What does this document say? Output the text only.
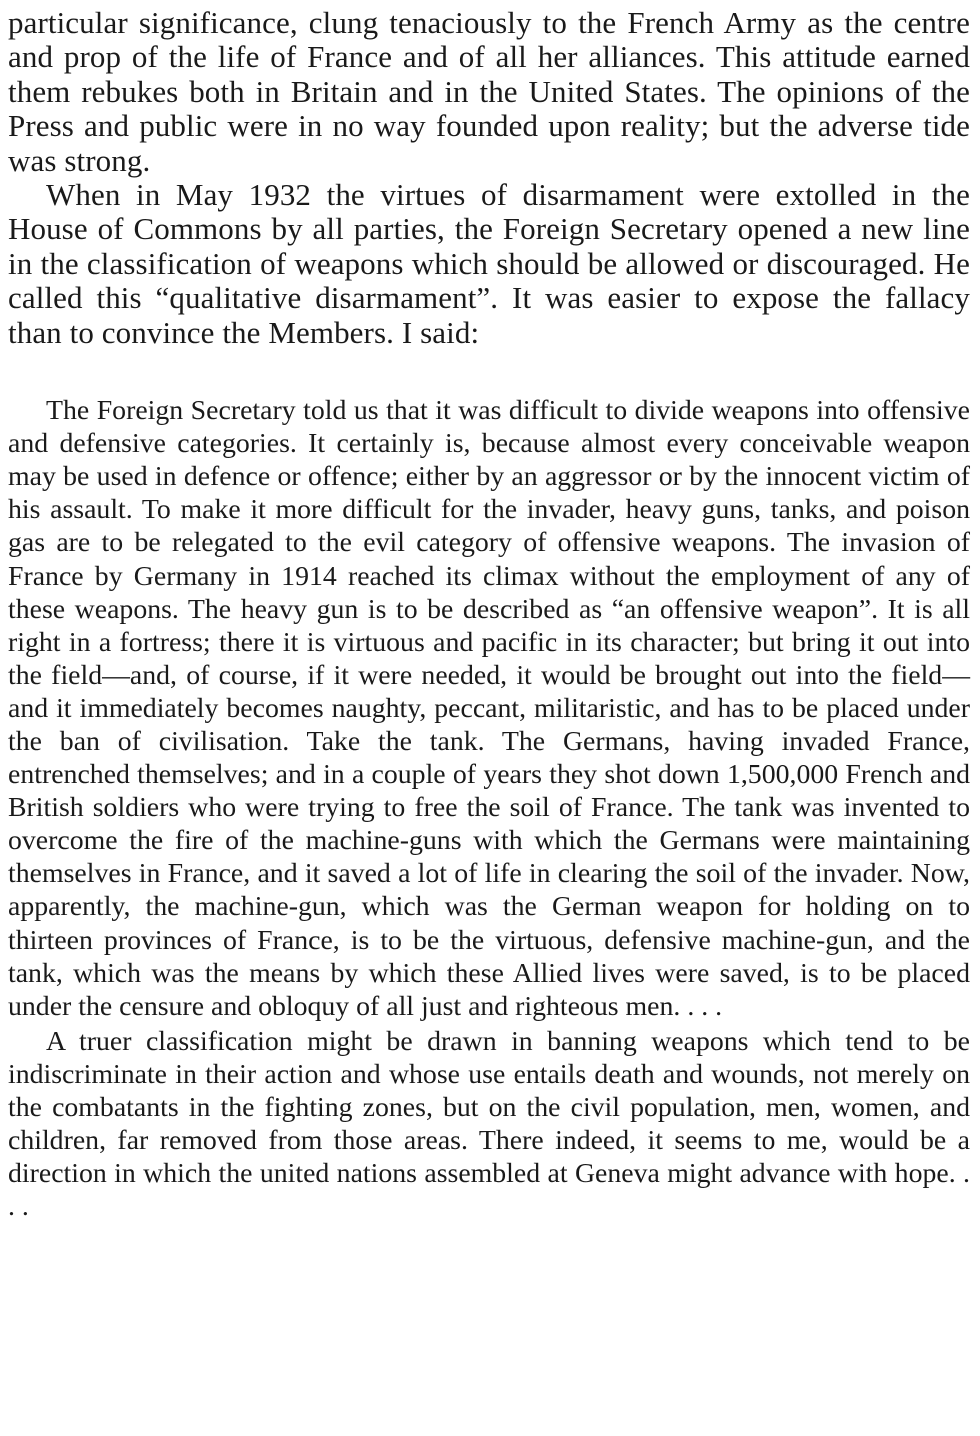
particular significance, clung tenaciously to the French Army as the centre and prop of the life of France and of all her alliances. This attitude earned them rebukes both in Britain and in the United States. The opinions of the Press and public were in no way founded upon reality; but the adverse tide was strong.

When in May 1932 the virtues of disarmament were extolled in the House of Commons by all parties, the Foreign Secretary opened a new line in the classification of weapons which should be allowed or discouraged. He called this “qualitative disarmament”. It was easier to expose the fallacy than to convince the Members. I said:

The Foreign Secretary told us that it was difficult to divide weapons into offensive and defensive categories. It certainly is, because almost every conceivable weapon may be used in defence or offence; either by an aggressor or by the innocent victim of his assault. To make it more difficult for the invader, heavy guns, tanks, and poison gas are to be relegated to the evil category of offensive weapons. The invasion of France by Germany in 1914 reached its climax without the employment of any of these weapons. The heavy gun is to be described as “an offensive weapon”. It is all right in a fortress; there it is virtuous and pacific in its character; but bring it out into the field—and, of course, if it were needed, it would be brought out into the field—and it immediately becomes naughty, peccant, militaristic, and has to be placed under the ban of civilisation. Take the tank. The Germans, having invaded France, entrenched themselves; and in a couple of years they shot down 1,500,000 French and British soldiers who were trying to free the soil of France. The tank was invented to overcome the fire of the machine-guns with which the Germans were maintaining themselves in France, and it saved a lot of life in clearing the soil of the invader. Now, apparently, the machine-gun, which was the German weapon for holding on to thirteen provinces of France, is to be the virtuous, defensive machine-gun, and the tank, which was the means by which these Allied lives were saved, is to be placed under the censure and obloquy of all just and righteous men. . . .

A truer classification might be drawn in banning weapons which tend to be indiscriminate in their action and whose use entails death and wounds, not merely on the combatants in the fighting zones, but on the civil population, men, women, and children, far removed from those areas. There indeed, it seems to me, would be a direction in which the united nations assembled at Geneva might advance with hope. . . .
